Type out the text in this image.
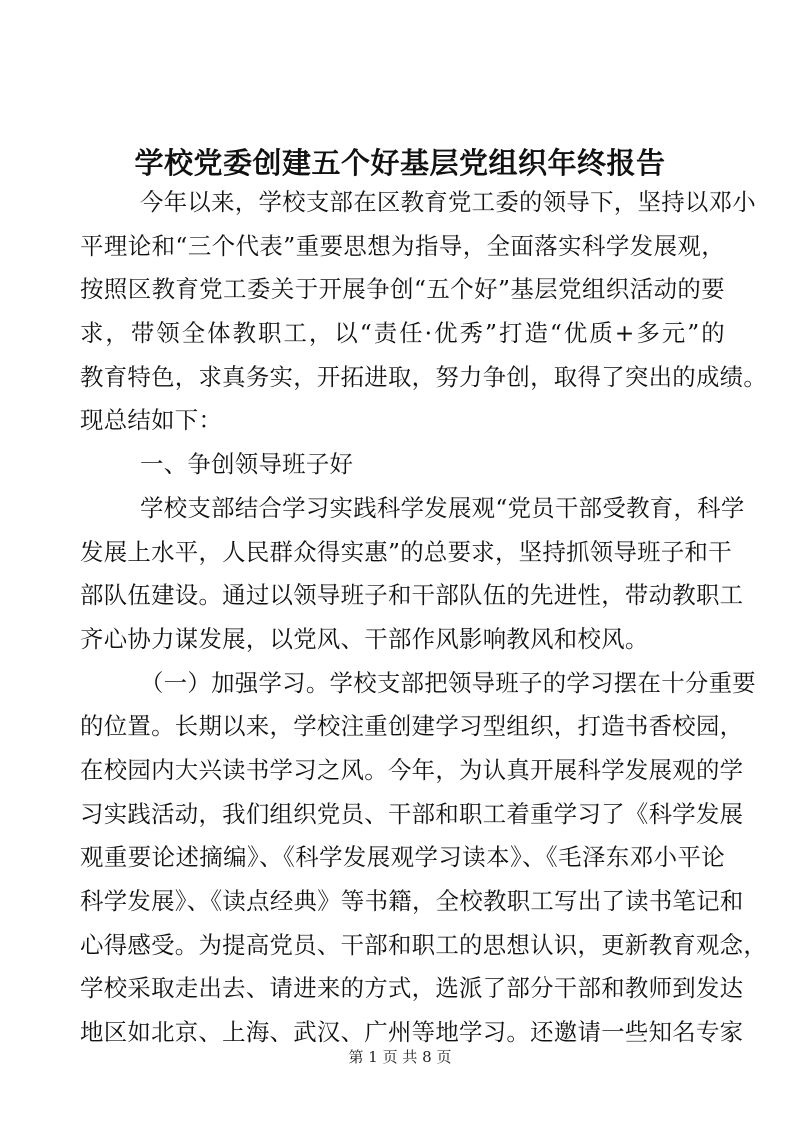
学校党委创建五个好基层党组织年终报告
今年以来，学校支部在区教育党工委的领导下，坚持以邓小
平理论和“三个代表”重要思想为指导，全面落实科学发展观，
按照区教育党工委关于开展争创“五个好”基层党组织活动的要
求，带领全体教职工，以“责任·优秀”打造“优质+多元”的
教育特色，求真务实，开拓进取，努力争创，取得了突出的成绩。
现总结如下：
一、争创领导班子好
学校支部结合学习实践科学发展观“党员干部受教育，科学
发展上水平，人民群众得实惠”的总要求，坚持抓领导班子和干
部队伍建设。通过以领导班子和干部队伍的先进性，带动教职工
齐心协力谋发展，以党风、干部作风影响教风和校风。
（一）加强学习。学校支部把领导班子的学习摆在十分重要
的位置。长期以来，学校注重创建学习型组织，打造书香校园，
在校园内大兴读书学习之风。今年，为认真开展科学发展观的学
习实践活动，我们组织党员、干部和职工着重学习了《科学发展
观重要论述摘编》、《科学发展观学习读本》、《毛泽东邓小平论
科学发展》、《读点经典》等书籍，全校教职工写出了读书笔记和
心得感受。为提高党员、干部和职工的思想认识，更新教育观念，
学校采取走出去、请进来的方式，选派了部分干部和教师到发达
地区如北京、上海、武汉、广州等地学习。还邀请一些知名专家
第 1 页 共 8 页
